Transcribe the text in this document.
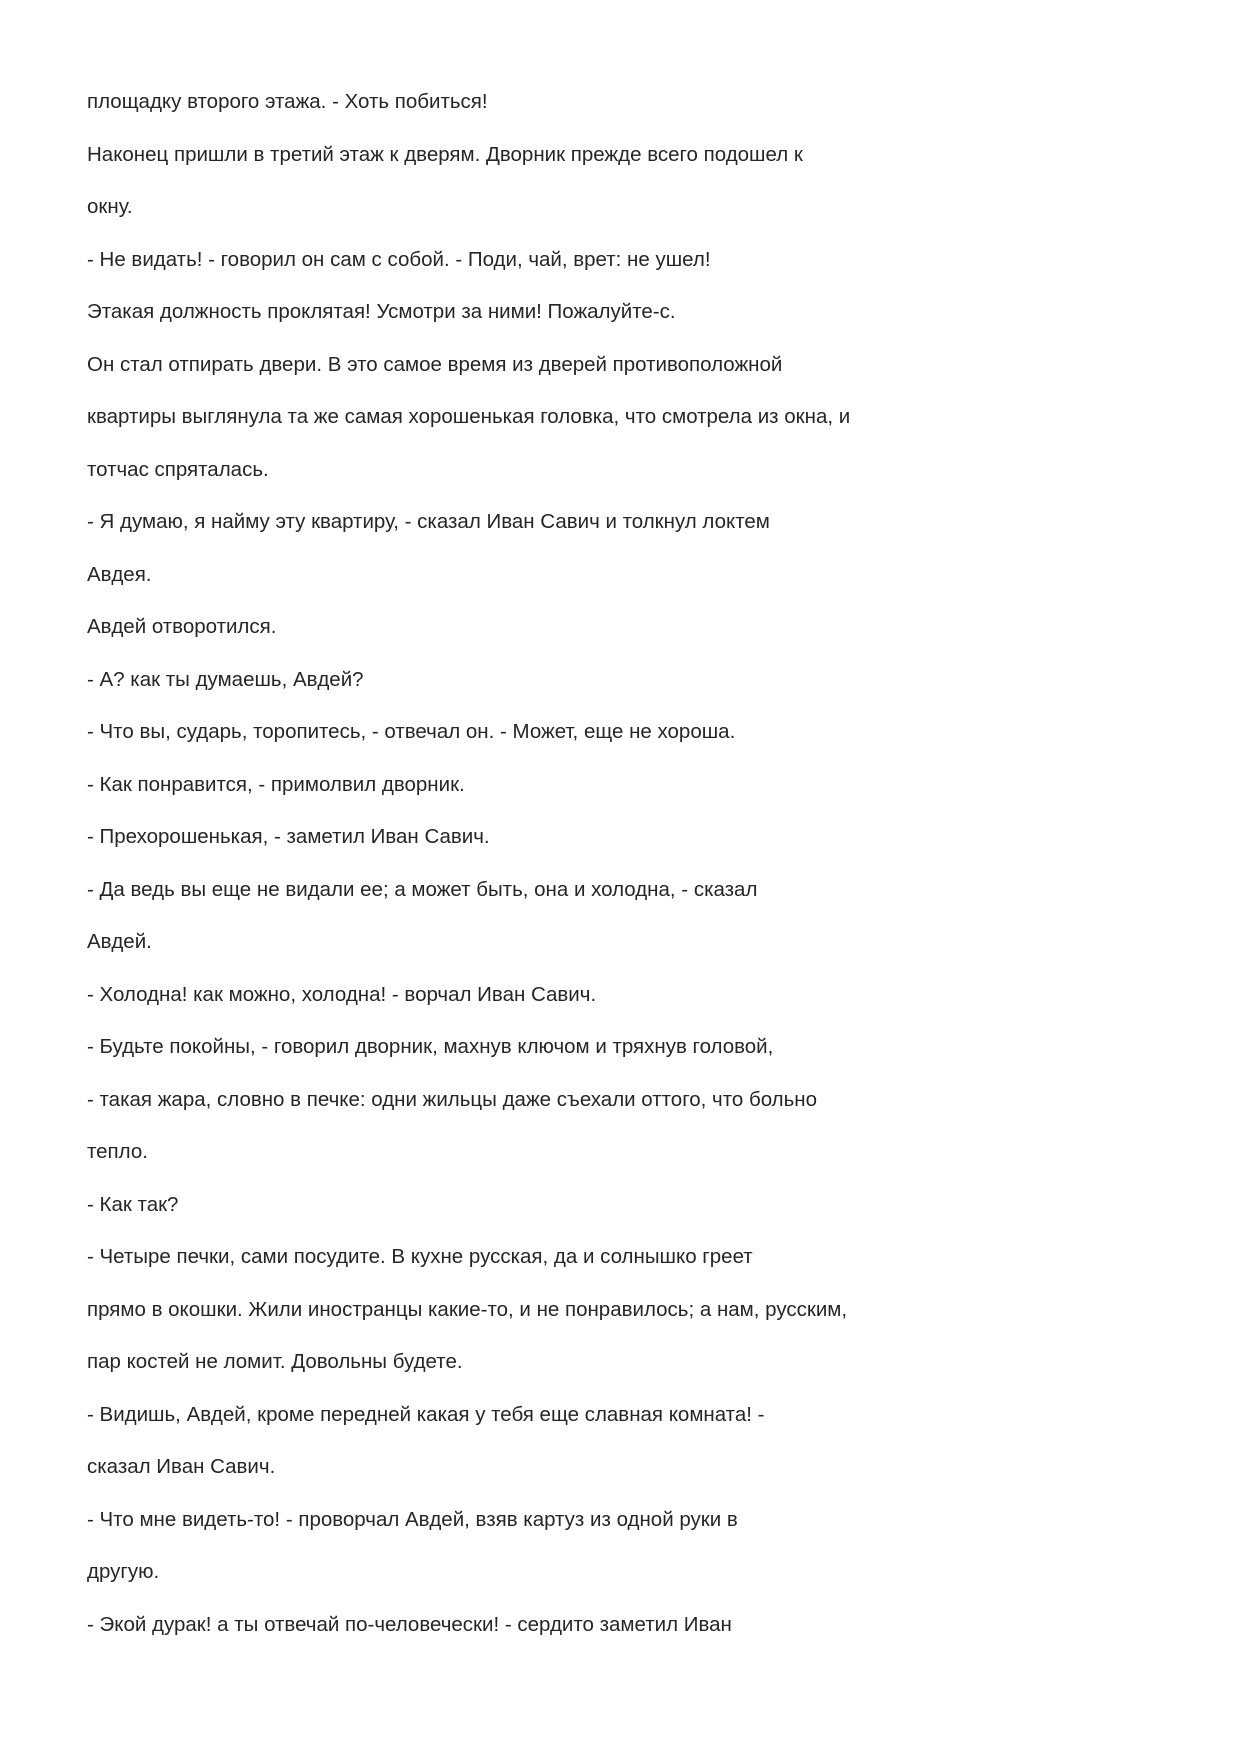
площадку второго этажа. - Хоть побиться!

Наконец пришли в третий этаж к дверям. Дворник прежде всего подошел к

окну.

- Не видать! - говорил он сам с собой. - Поди, чай, врет: не ушел!

Этакая должность проклятая! Усмотри за ними! Пожалуйте-с.

Он стал отпирать двери. В это самое время из дверей противоположной

квартиры выглянула та же самая хорошенькая головка, что смотрела из окна, и

тотчас спряталась.

- Я думаю, я найму эту квартиру, - сказал Иван Савич и толкнул локтем

Авдея.

Авдей отворотился.

- А? как ты думаешь, Авдей?

- Что вы, сударь, торопитесь, - отвечал он. - Может, еще не хороша.

- Как понравится, - примолвил дворник.

- Прехорошенькая, - заметил Иван Савич.

- Да ведь вы еще не видали ее; а может быть, она и холодна, - сказал

Авдей.

- Холодна! как можно, холодна! - ворчал Иван Савич.

- Будьте покойны, - говорил дворник, махнув ключом и тряхнув головой,

- такая жара, словно в печке: одни жильцы даже съехали оттого, что больно

тепло.

- Как так?

- Четыре печки, сами посудите. В кухне русская, да и солнышко греет

прямо в окошки. Жили иностранцы какие-то, и не понравилось; а нам, русским,

пар костей не ломит. Довольны будете.

- Видишь, Авдей, кроме передней какая у тебя еще славная комната! -

сказал Иван Савич.

- Что мне видеть-то! - проворчал Авдей, взяв картуз из одной руки в

другую.

- Экой дурак! а ты отвечай по-человечески! - сердито заметил Иван
